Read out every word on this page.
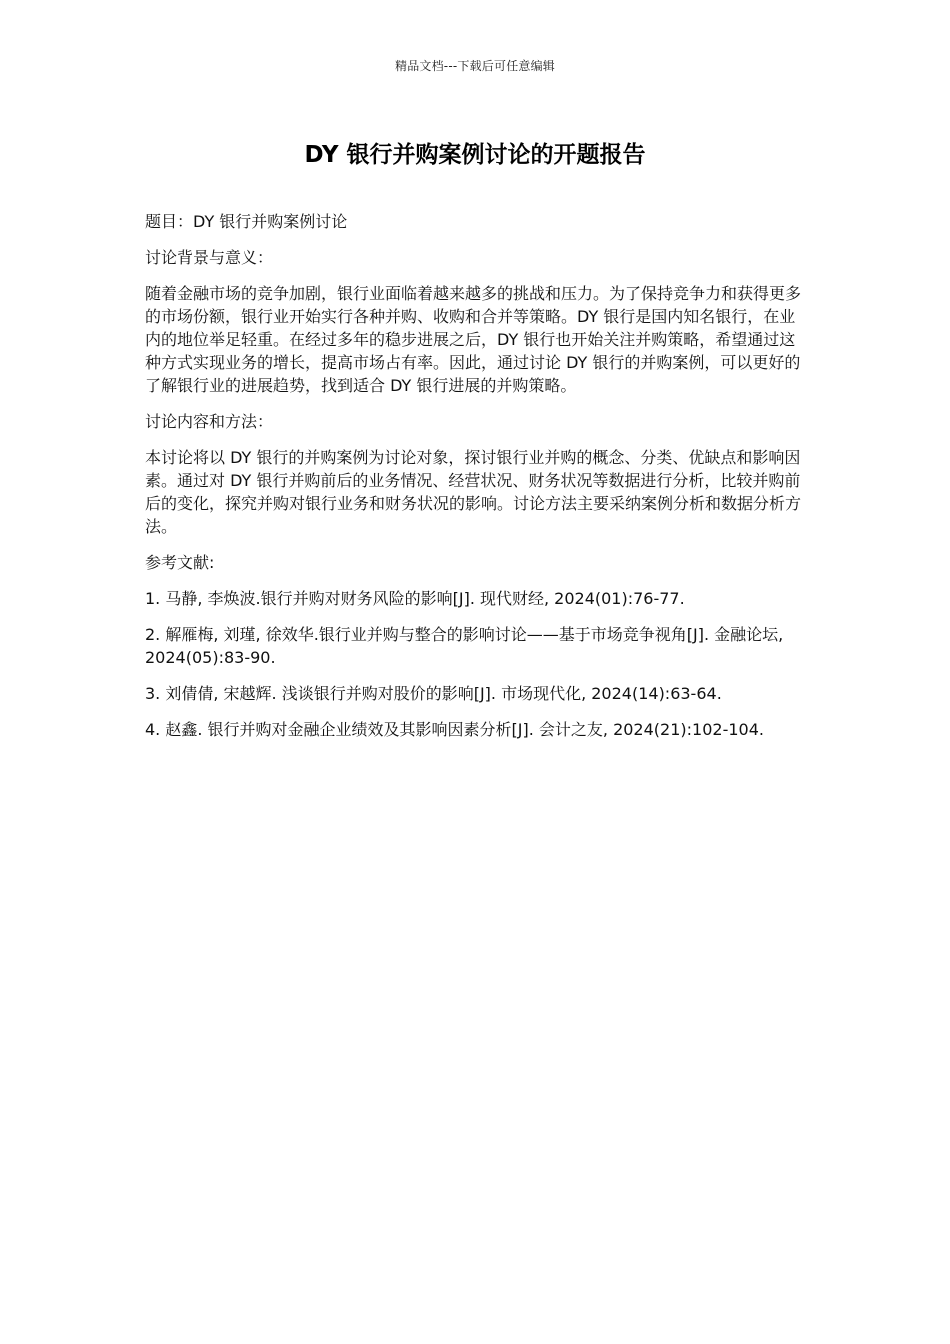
精品文档---下载后可任意编辑
DY 银行并购案例讨论的开题报告

题目：DY 银行并购案例讨论

讨论背景与意义：

随着金融市场的竞争加剧，银行业面临着越来越多的挑战和压力。为了保持竞争力和获得更多的市场份额，银行业开始实行各种并购、收购和合并等策略。DY 银行是国内知名银行，在业内的地位举足轻重。在经过多年的稳步进展之后，DY 银行也开始关注并购策略，希望通过这种方式实现业务的增长，提高市场占有率。因此，通过讨论 DY 银行的并购案例，可以更好的了解银行业的进展趋势，找到适合 DY 银行进展的并购策略。

讨论内容和方法：

本讨论将以 DY 银行的并购案例为讨论对象，探讨银行业并购的概念、分类、优缺点和影响因素。通过对 DY 银行并购前后的业务情况、经营状况、财务状况等数据进行分析，比较并购前后的变化，探究并购对银行业务和财务状况的影响。讨论方法主要采纳案例分析和数据分析方法。

参考文献:

1. 马静, 李焕波.银行并购对财务风险的影响[J]. 现代财经, 2024(01):76-77.
2. 解雁梅, 刘瑾, 徐效华.银行业并购与整合的影响讨论——基于市场竞争视角[J]. 金融论坛, 2024(05):83-90.
3. 刘倩倩, 宋越辉. 浅谈银行并购对股价的影响[J]. 市场现代化, 2024(14):63-64.
4. 赵鑫. 银行并购对金融企业绩效及其影响因素分析[J]. 会计之友, 2024(21):102-104.
